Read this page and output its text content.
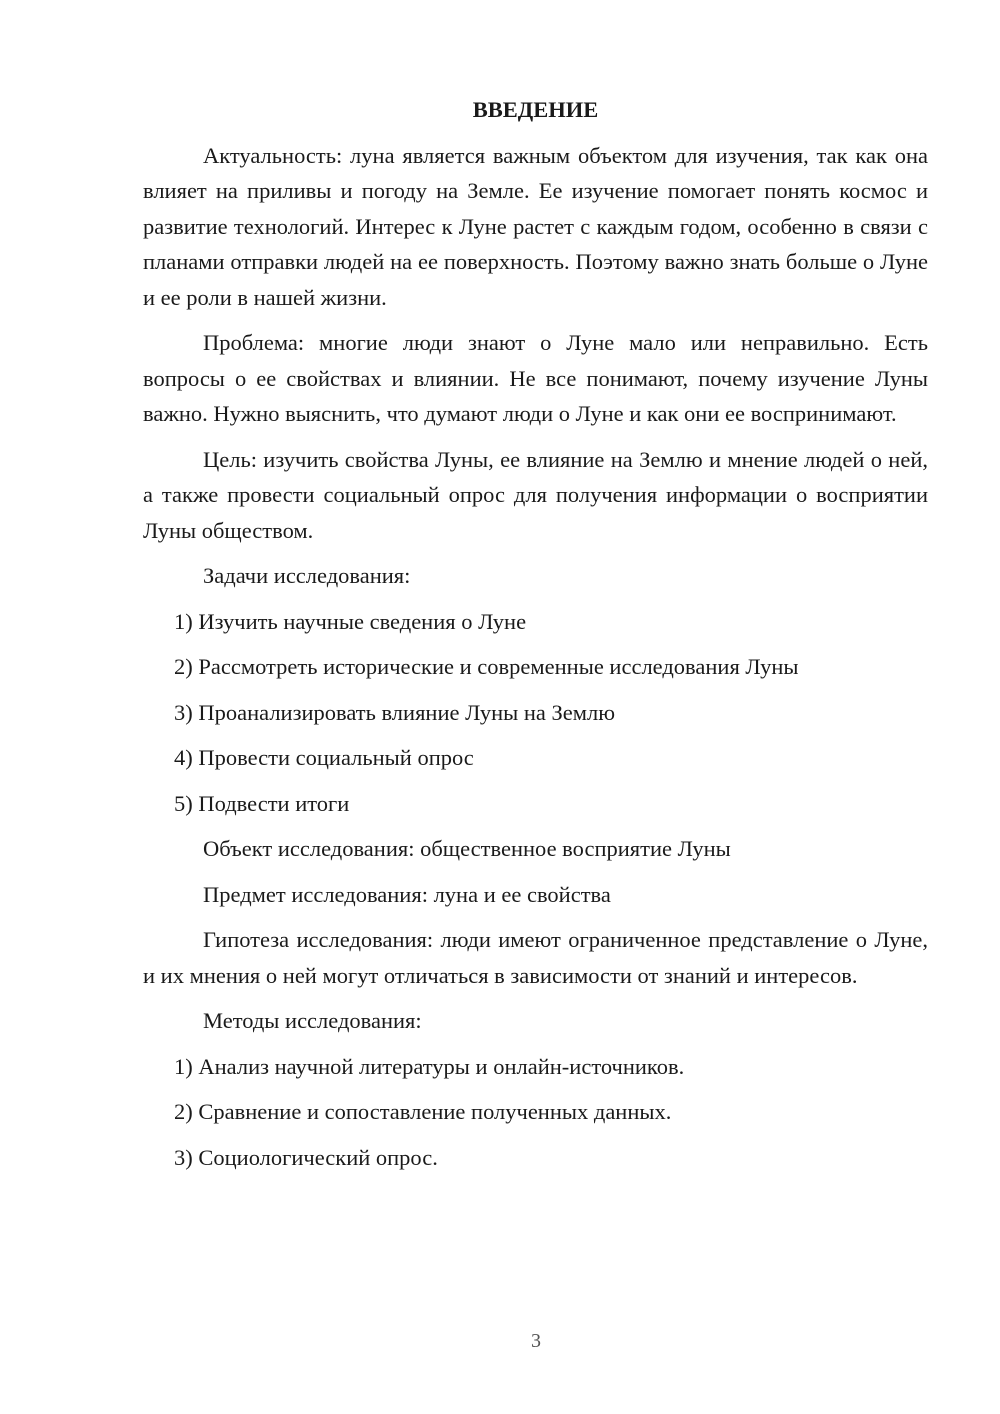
ВВЕДЕНИЕ

Актуальность: луна является важным объектом для изучения, так как она влияет на приливы и погоду на Земле. Ее изучение помогает понять космос и развитие технологий. Интерес к Луне растет с каждым годом, особенно в связи с планами отправки людей на ее поверхность. Поэтому важно знать больше о Луне и ее роли в нашей жизни.

Проблема: многие люди знают о Луне мало или неправильно. Есть вопросы о ее свойствах и влиянии. Не все понимают, почему изучение Луны важно. Нужно выяснить, что думают люди о Луне и как они ее воспринимают.

Цель: изучить свойства Луны, ее влияние на Землю и мнение людей о ней, а также провести социальный опрос для получения информации о восприятии Луны обществом.

Задачи исследования:

1) Изучить научные сведения о Луне

2) Рассмотреть исторические и современные исследования Луны

3) Проанализировать влияние Луны на Землю

4) Провести социальный опрос

5) Подвести итоги

Объект исследования: общественное восприятие Луны

Предмет исследования: луна и ее свойства

Гипотеза исследования: люди имеют ограниченное представление о Луне, и их мнения о ней могут отличаться в зависимости от знаний и интересов.

Методы исследования:

1) Анализ научной литературы и онлайн-источников.

2) Сравнение и сопоставление полученных данных.

3) Социологический опрос.

3
